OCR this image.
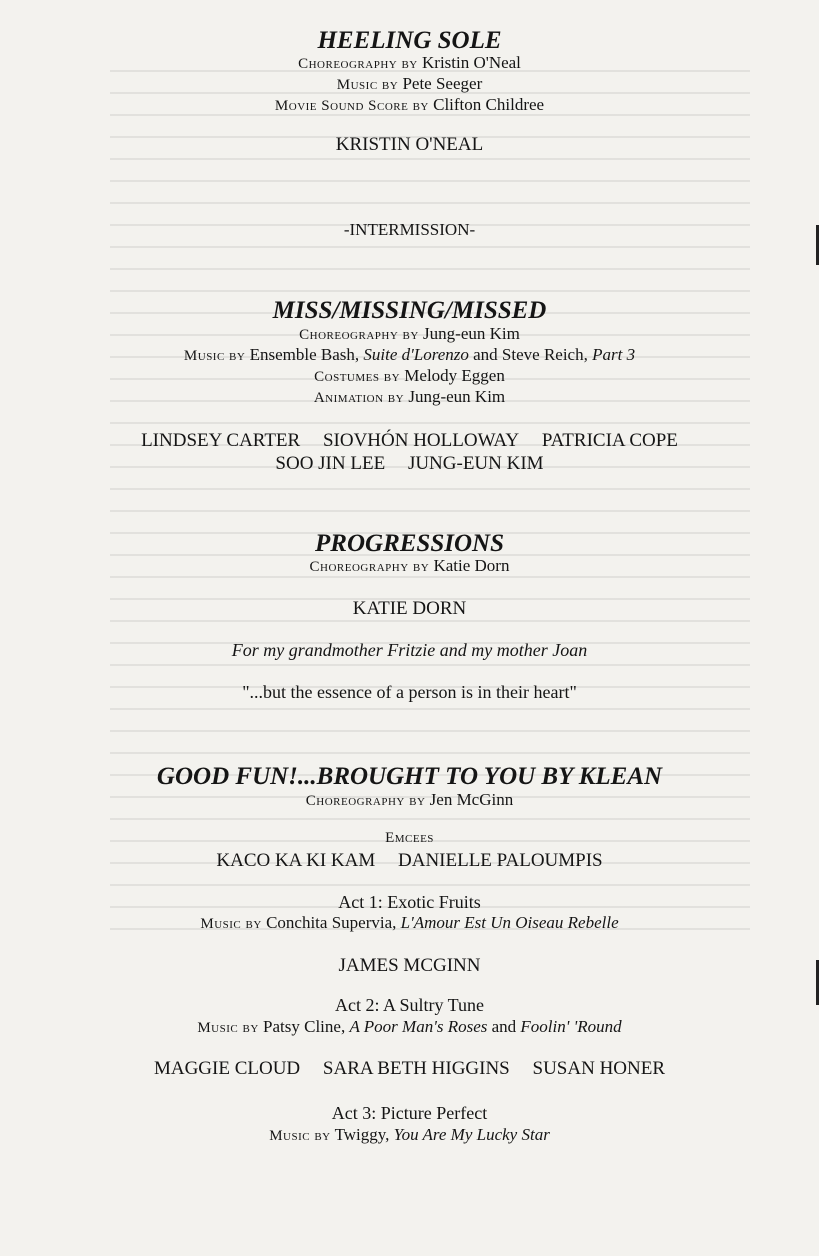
HEELING SOLE
Choreography by Kristin O'Neal
Music by Pete Seeger
Movie Sound Score by Clifton Childree
KRISTIN O'NEAL
-INTERMISSION-
MISS/MISSING/MISSED
Choreography by Jung-eun Kim
Music by Ensemble Bash, Suite d'Lorenzo and Steve Reich, Part 3
Costumes by Melody Eggen
Animation by Jung-eun Kim
LINDSEY CARTER SIOVHÓN HOLLOWAY PATRICIA COPE
SOO JIN LEE JUNG-EUN KIM
PROGRESSIONS
Choreography by Katie Dorn
KATIE DORN
For my grandmother Fritzie and my mother Joan
"...but the essence of a person is in their heart"
GOOD FUN!...BROUGHT TO YOU BY KLEAN
Choreography by Jen McGinn
Emcees
KACO KA KI KAM DANIELLE PALOUMPIS
Act 1: Exotic Fruits
Music by Conchita Supervia, L'Amour Est Un Oiseau Rebelle
JAMES MCGINN
Act 2: A Sultry Tune
Music by Patsy Cline, A Poor Man's Roses and Foolin' 'Round
MAGGIE CLOUD SARA BETH HIGGINS SUSAN HONER
Act 3: Picture Perfect
Music by Twiggy, You Are My Lucky Star
